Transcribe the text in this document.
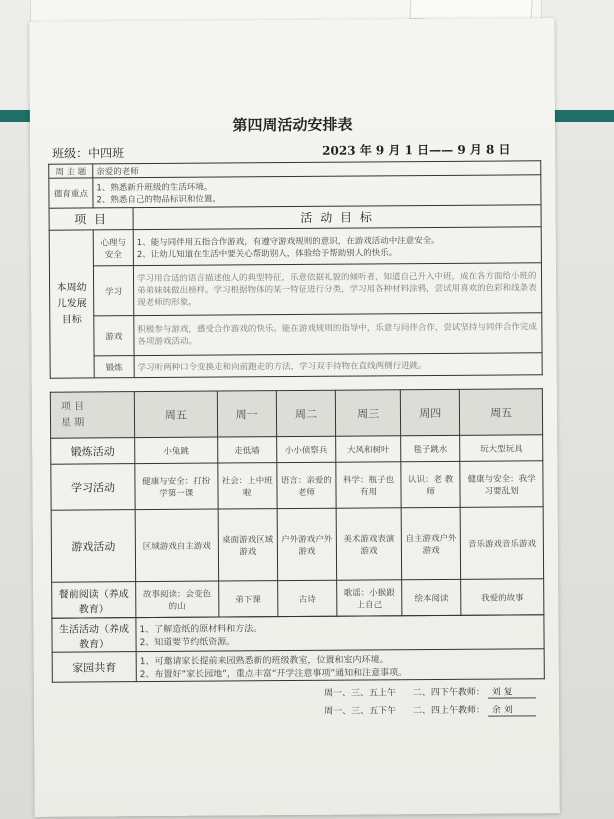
第四周活动安排表
班级：中四班	2023 年 9 月 1 日—— 9 月 8 日
周 主 题	亲爱的老师	
德育重点	1、熟悉新升班级的生活环境。
2、熟悉自己的物品标识和位置。	

项 目		活 动 目 标
本周幼儿发展目标	心理与安全	1、能与同伴用五指合作游戏，有遵守游戏规则的意识，在游戏活动中注意安全。
2、让幼儿知道在生活中要关心帮助别人，体验给予帮助别人的快乐。

	学习	学习用合适的语言描述他人的典型特征，乐意依据礼貌的倾听者，知道自己升入中班，成在各方面给小班的弟弟妹妹做出榜样。学习根据物体的某一特征进行分类，学习用各种材料涂鸦，尝试用喜欢的色彩和线条表现老师的形象。
	游戏	积极参与游戏，感受合作游戏的快乐。能在游戏规则的指导中，乐意与同伴合作，尝试坚持与同伴合作完成各项游戏活动。
	锻炼	学习听两种口令变换走和向前跑走的方法，学习双手持物在直线两侧行进跳。
项 目
星 期	周五	周一	周二	周三	周四	周五
锻炼活动	小兔跳	走低墙	小小侦察兵	大风和树叶	毯子跳水	玩大型玩具
学习活动	健康与安全：打扮学第一课	社会：上中班啦	语言：亲爱的老师	科学：瓶子也有用	认识：老 教师	健康与安全：我学习要乱划
游戏活动	区域游戏自主游戏	桌面游戏区域游戏	户外游戏户外游戏	美术游戏表演游戏	自主游戏户外游戏	音乐游戏音乐游戏
餐前阅读（养成教育）	故事阅读：会变色的山	弟下课	古诗	歌谣：小猴跟上自己	绘本阅读	我爱的故事
生活活动（养成教育）	1、了解造纸的原材料和方法。
2、知道要节约纸资源。

家园共育	1、可邀请家长提前来园熟悉新的班级教室，位置和室内环境。
2、布置好“家长园地”，重点丰富“开学注意事项”通知和注意事项。
周一、三、五上午 二、四下午教师： 刘 复
周一、三、五下午 二、四上午教师： 余 刘
